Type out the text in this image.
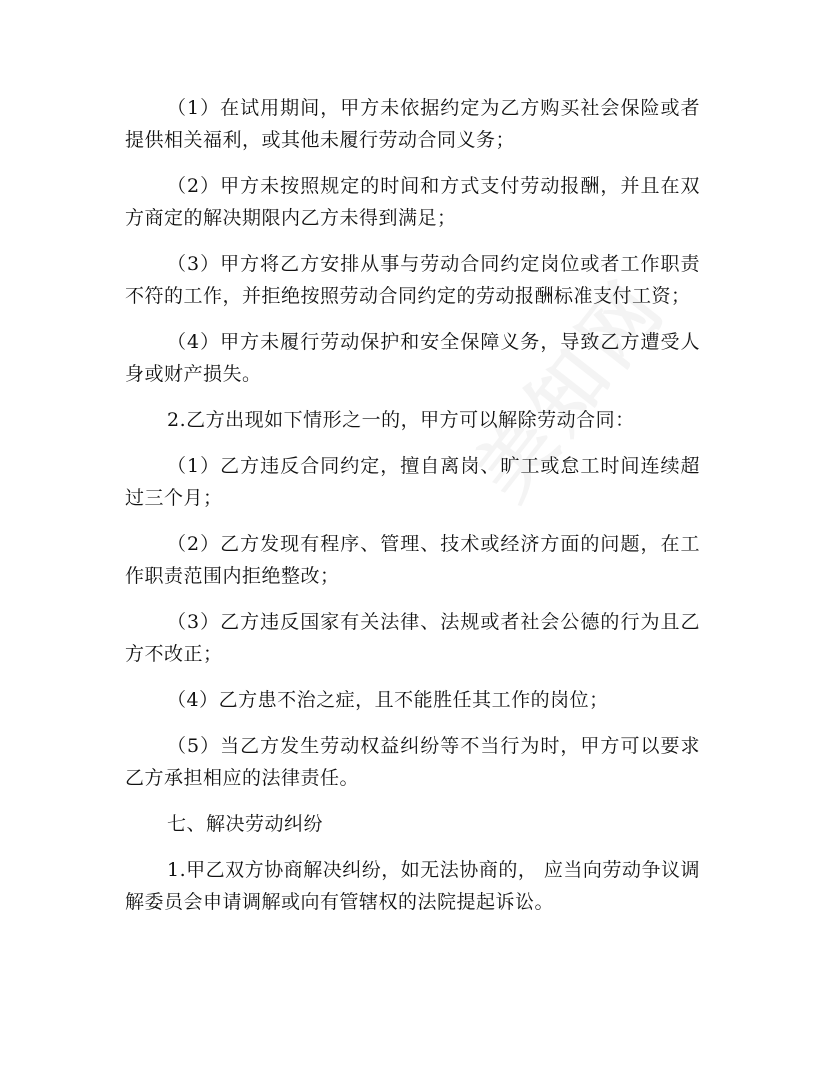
（1）在试用期间，甲方未依据约定为乙方购买社会保险或者提供相关福利，或其他未履行劳动合同义务；

（2）甲方未按照规定的时间和方式支付劳动报酬，并且在双方商定的解决期限内乙方未得到满足；

（3）甲方将乙方安排从事与劳动合同约定岗位或者工作职责不符的工作，并拒绝按照劳动合同约定的劳动报酬标准支付工资；

（4）甲方未履行劳动保护和安全保障义务，导致乙方遭受人身或财产损失。

2.乙方出现如下情形之一的，甲方可以解除劳动合同：

（1）乙方违反合同约定，擅自离岗、旷工或怠工时间连续超过三个月；

（2）乙方发现有程序、管理、技术或经济方面的问题，在工作职责范围内拒绝整改；

（3）乙方违反国家有关法律、法规或者社会公德的行为且乙方不改正；

（4）乙方患不治之症，且不能胜任其工作的岗位；

（5）当乙方发生劳动权益纠纷等不当行为时，甲方可以要求乙方承担相应的法律责任。

七、解决劳动纠纷

1.甲乙双方协商解决纠纷，如无法协商的， 应当向劳动争议调解委员会申请调解或向有管辖权的法院提起诉讼。
